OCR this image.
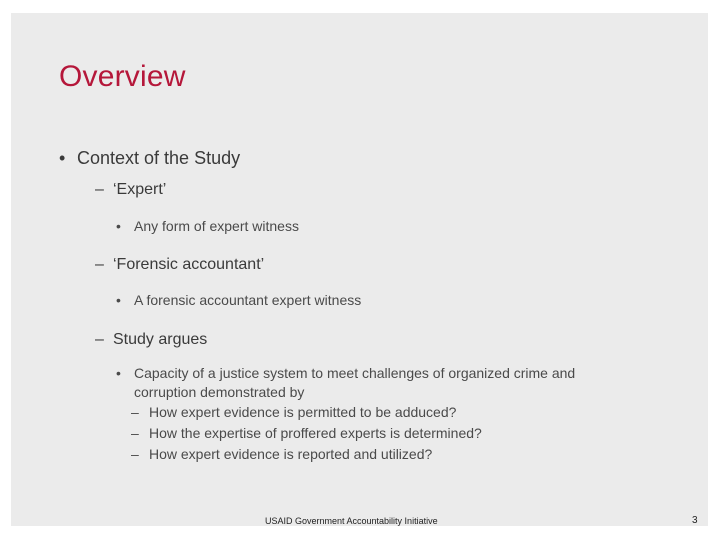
Overview
• Context of the Study
– ‘Expert’
• Any form of expert witness
– ‘Forensic accountant’
• A forensic accountant expert witness
– Study argues
• Capacity of a justice system to meet challenges of organized crime and
corruption demonstrated by
– How expert evidence is permitted to be adduced?
– How the expertise of proffered experts is determined?
– How expert evidence is reported and utilized?
USAID Government Accountability Initiative	3
